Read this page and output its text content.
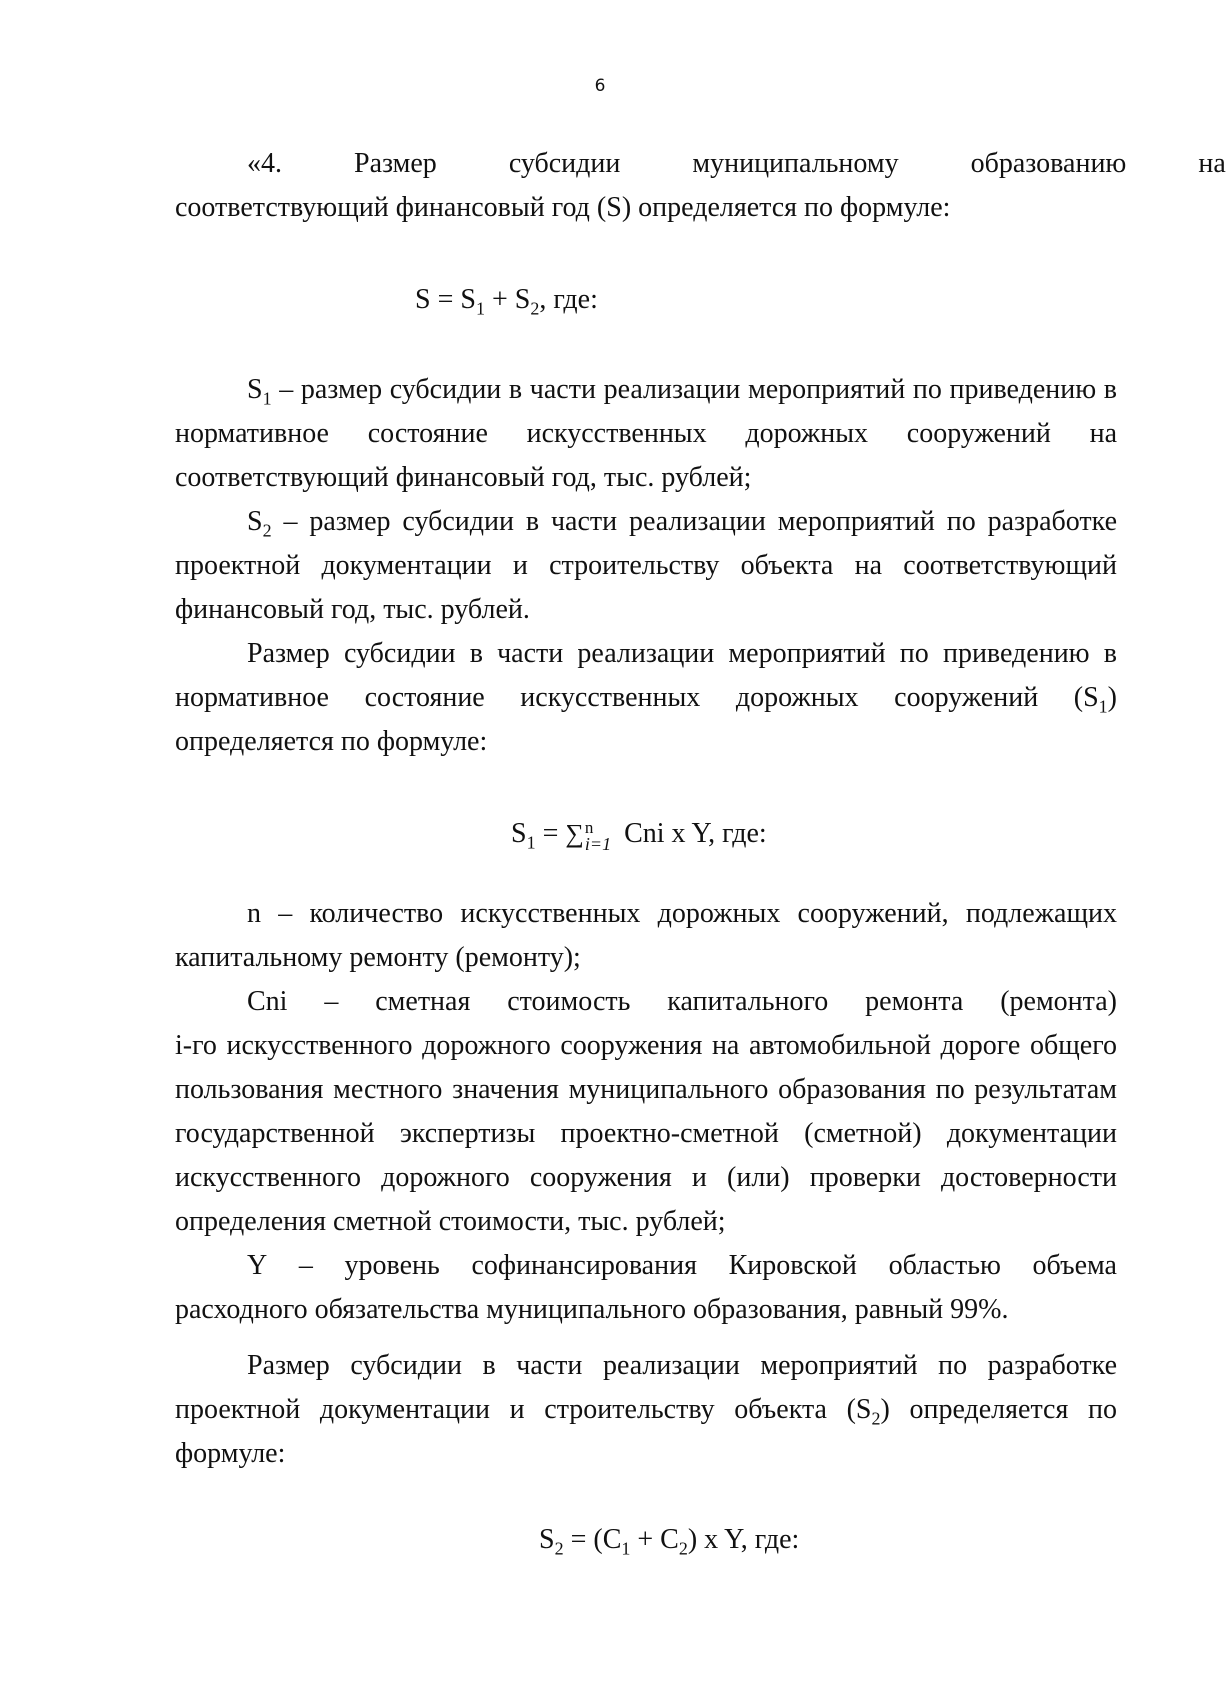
6
«4.	Размер	субсидии	муниципальному	образованию	на

соответствующий финансовый год (S) определяется по формуле:

$S = S_1 + S_2$, где:

$S_1$ – размер субсидии в части реализации мероприятий по приведению в нормативное состояние искусственных дорожных сооружений на соответствующий финансовый год, тыс. рублей;

$S_2$ – размер субсидии в части реализации мероприятий по разработке проектной документации и строительству объекта на соответствующий финансовый год, тыс. рублей.

Размер субсидии в части реализации мероприятий по приведению в нормативное состояние искусственных дорожных сооружений $(S_1)$ определяется по формуле:

$S_1$ = ∑ n
i=1 Cni x Y, где:

n – количество искусственных дорожных сооружений, подлежащих капитальному ремонту (ремонту);

Cni – сметная стоимость капитального ремонта (ремонта)

i-го искусственного дорожного сооружения на автомобильной дороге общего пользования местного значения муниципального образования по результатам государственной экспертизы проектно-сметной (сметной) документации искусственного дорожного сооружения и (или) проверки достоверности определения сметной стоимости, тыс. рублей;

Y – уровень софинансирования Кировской областью объема

расходного обязательства муниципального образования, равный 99%.

Размер субсидии в части реализации мероприятий по разработке проектной документации и строительству объекта $(S_2)$ определяется по формуле:

$S_2 = (C_1 + C_2)$ x Y, где:
